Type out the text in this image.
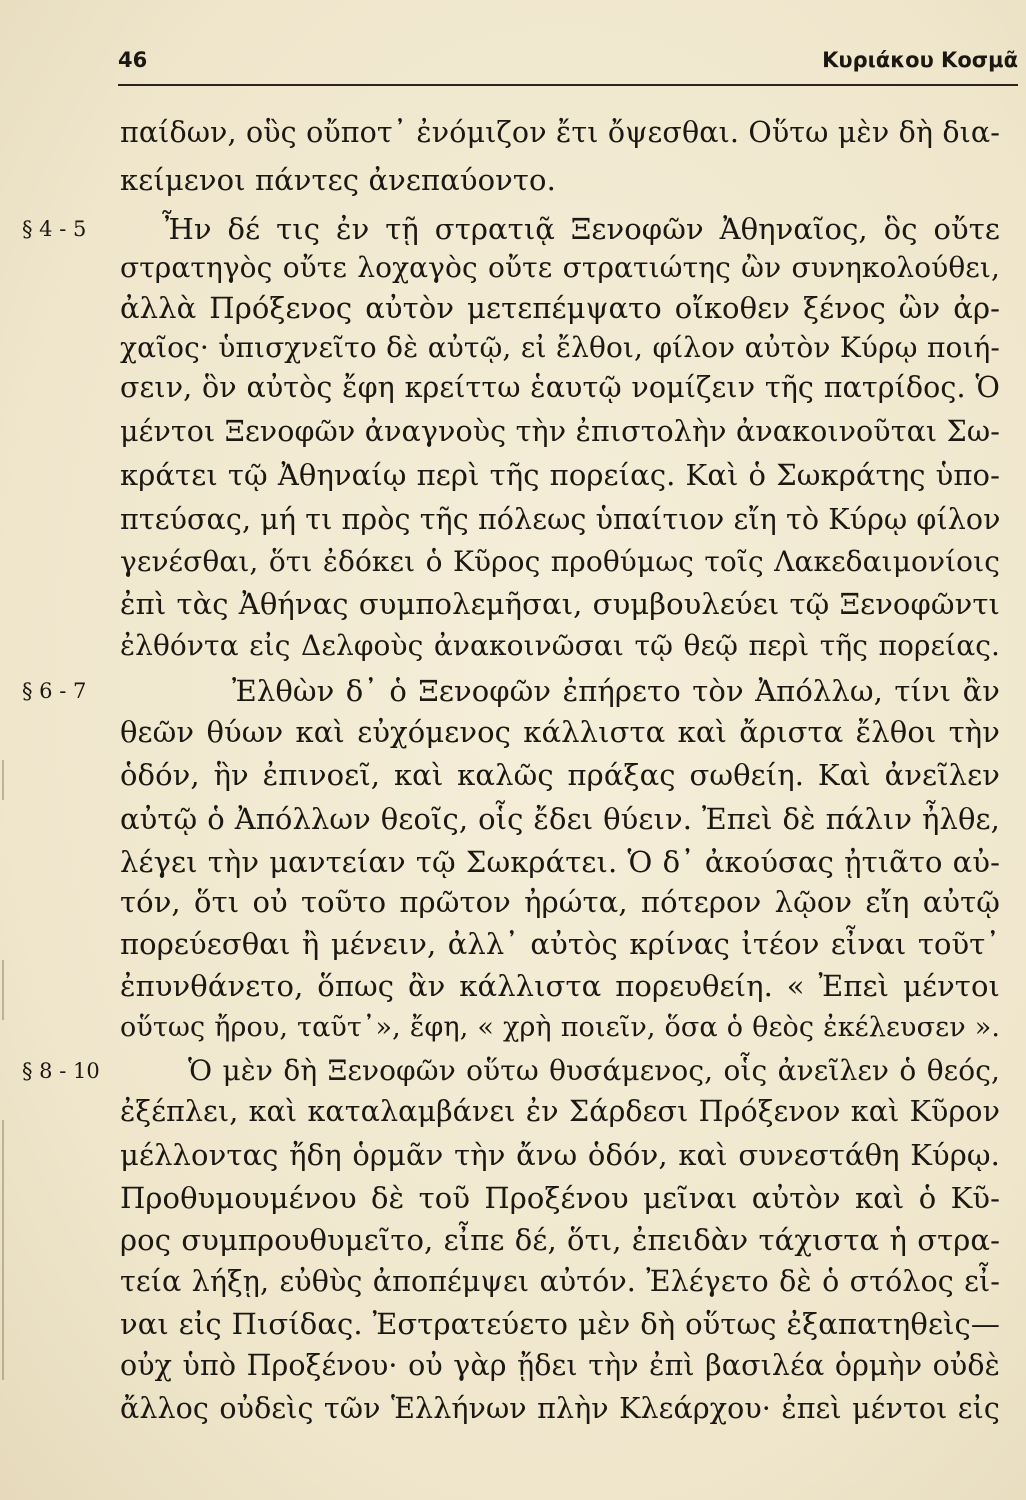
46	Κυριάκου Κοσμᾶ
§ 4 - 5
§ 6 - 7
§ 8 - 10
παίδων, οὓς οὔποτ᾽ ἐνόμιζον ἔτι ὄψεσθαι. Οὕτω μὲν δὴ δια-
κείμενοι πάντες ἀνεπαύοντο.
Ἦν δέ τις ἐν τῇ στρατιᾷ Ξενοφῶν Ἀθηναῖος, ὃς οὔτε
στρατηγὸς οὔτε λοχαγὸς οὔτε στρατιώτης ὢν συνηκολούθει,
ἀλλὰ Πρόξενος αὐτὸν μετεπέμψατο οἴκοθεν ξένος ὢν ἀρ-
χαῖος· ὑπισχνεῖτο δὲ αὐτῷ, εἰ ἔλθοι, φίλον αὐτὸν Κύρῳ ποιή-
σειν, ὃν αὐτὸς ἔφη κρείττω ἑαυτῷ νομίζειν τῆς πατρίδος. Ὁ
μέντοι Ξενοφῶν ἀναγνοὺς τὴν ἐπιστολὴν ἀνακοινοῦται Σω-
κράτει τῷ Ἀθηναίῳ περὶ τῆς πορείας. Καὶ ὁ Σωκράτης ὑπο-
πτεύσας, μή τι πρὸς τῆς πόλεως ὑπαίτιον εἴη τὸ Κύρῳ φίλον
γενέσθαι, ὅτι ἐδόκει ὁ Κῦρος προθύμως τοῖς Λακεδαιμονίοις
ἐπὶ τὰς Ἀθήνας συμπολεμῆσαι, συμβουλεύει τῷ Ξενοφῶντι
ἐλθόντα εἰς Δελφοὺς ἀνακοινῶσαι τῷ θεῷ περὶ τῆς πορείας.
Ἐλθὼν δ᾽ ὁ Ξενοφῶν ἐπήρετο τὸν Ἀπόλλω, τίνι ἂν
θεῶν θύων καὶ εὐχόμενος κάλλιστα καὶ ἄριστα ἔλθοι τὴν
ὁδόν, ἣν ἐπινοεῖ, καὶ καλῶς πράξας σωθείη. Καὶ ἀνεῖλεν
αὐτῷ ὁ Ἀπόλλων θεοῖς, οἷς ἔδει θύειν. Ἐπεὶ δὲ πάλιν ἦλθε,
λέγει τὴν μαντείαν τῷ Σωκράτει. Ὁ δ᾽ ἀκούσας ᾐτιᾶτο αὐ-
τόν, ὅτι οὐ τοῦτο πρῶτον ἠρώτα, πότερον λῷον εἴη αὐτῷ
πορεύεσθαι ἢ μένειν, ἀλλ᾽ αὐτὸς κρίνας ἰτέον εἶναι τοῦτ᾽
ἐπυνθάνετο, ὅπως ἂν κάλλιστα πορευθείη. « Ἐπεὶ μέντοι
οὕτως ἤρου, ταῦτ᾽», ἔφη, « χρὴ ποιεῖν, ὅσα ὁ θεὸς ἐκέλευσεν ».
Ὁ μὲν δὴ Ξενοφῶν οὕτω θυσάμενος, οἷς ἀνεῖλεν ὁ θεός,
ἐξέπλει, καὶ καταλαμβάνει ἐν Σάρδεσι Πρόξενον καὶ Κῦρον
μέλλοντας ἤδη ὁρμᾶν τὴν ἄνω ὁδόν, καὶ συνεστάθη Κύρῳ.
Προθυμουμένου δὲ τοῦ Προξένου μεῖναι αὐτὸν καὶ ὁ Κῦ-
ρος συμπρουθυμεῖτο, εἶπε δέ, ὅτι, ἐπειδὰν τάχιστα ἡ στρα-
τεία λήξῃ, εὐθὺς ἀποπέμψει αὐτόν. Ἐλέγετο δὲ ὁ στόλος εἶ-
ναι εἰς Πισίδας. Ἐστρατεύετο μὲν δὴ οὕτως ἐξαπατηθεὶς—
οὐχ ὑπὸ Προξένου· οὐ γὰρ ᾔδει τὴν ἐπὶ βασιλέα ὁρμὴν οὐδὲ
ἄλλος οὐδεὶς τῶν Ἑλλήνων πλὴν Κλεάρχου· ἐπεὶ μέντοι εἰς
